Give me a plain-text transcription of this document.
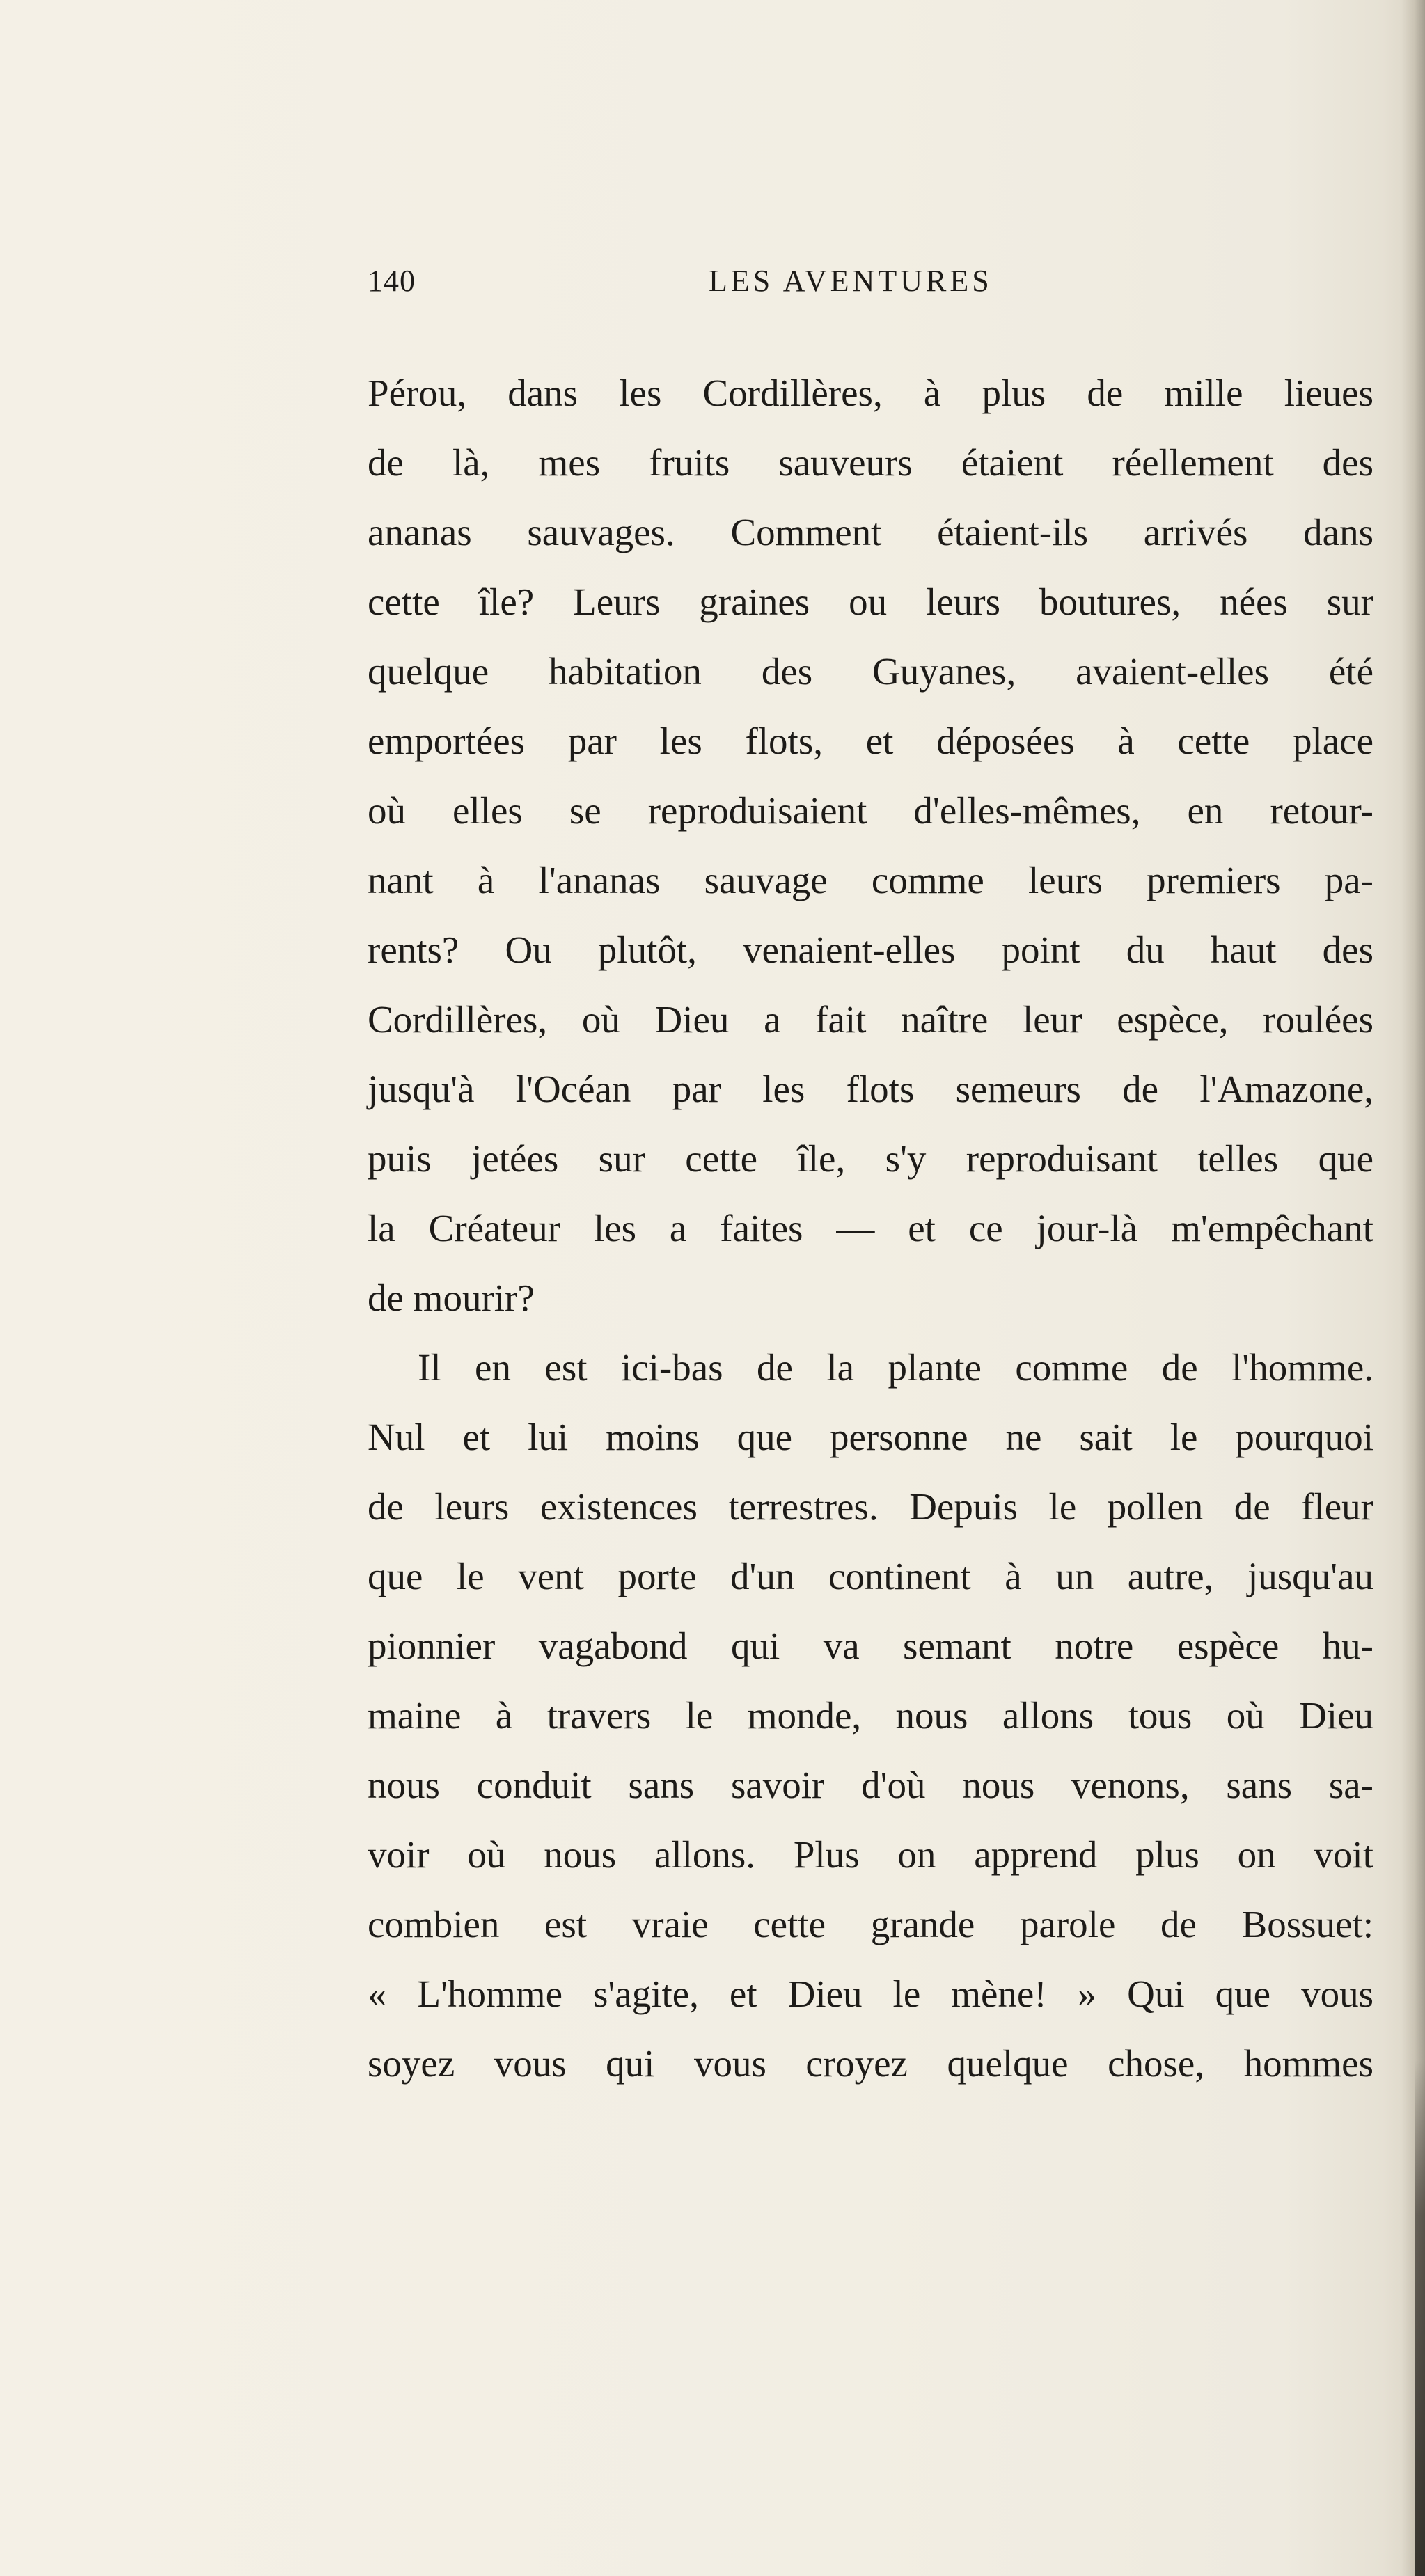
140	LES AVENTURES
Pérou, dans les Cordillères, à plus de mille lieues
de là, mes fruits sauveurs étaient réellement des
ananas sauvages. Comment étaient-ils arrivés dans
cette île? Leurs graines ou leurs boutures, nées sur
quelque habitation des Guyanes, avaient-elles été
emportées par les flots, et déposées à cette place
où elles se reproduisaient d'elles-mêmes, en retour-
nant à l'ananas sauvage comme leurs premiers pa-
rents? Ou plutôt, venaient-elles point du haut des
Cordillères, où Dieu a fait naître leur espèce, roulées
jusqu'à l'Océan par les flots semeurs de l'Amazone,
puis jetées sur cette île, s'y reproduisant telles que
la Créateur les a faites — et ce jour-là m'empêchant
de mourir?
Il en est ici-bas de la plante comme de l'homme.
Nul et lui moins que personne ne sait le pourquoi
de leurs existences terrestres. Depuis le pollen de fleur
que le vent porte d'un continent à un autre, jusqu'au
pionnier vagabond qui va semant notre espèce hu-
maine à travers le monde, nous allons tous où Dieu
nous conduit sans savoir d'où nous venons, sans sa-
voir où nous allons. Plus on apprend plus on voit
combien est vraie cette grande parole de Bossuet:
« L'homme s'agite, et Dieu le mène! » Qui que vous
soyez vous qui vous croyez quelque chose, hommes
